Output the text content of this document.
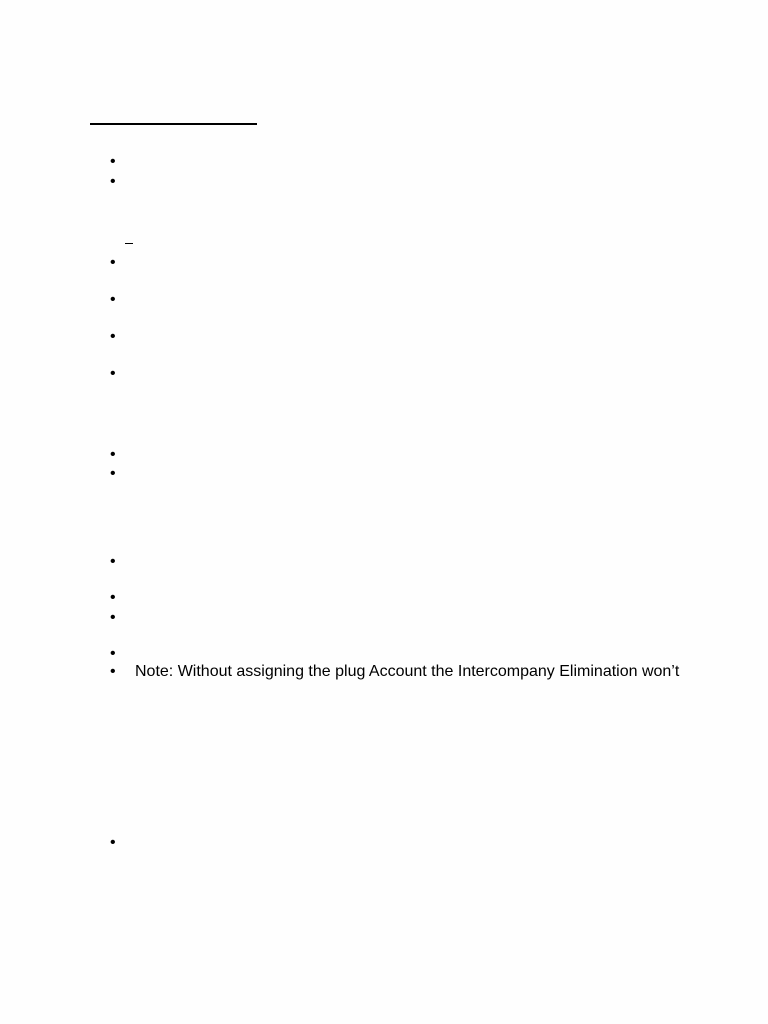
•
•
•
•
•
•
•
•
•
•
•
•
•	Note: Without assigning the plug Account the Intercompany Elimination won’t
•
